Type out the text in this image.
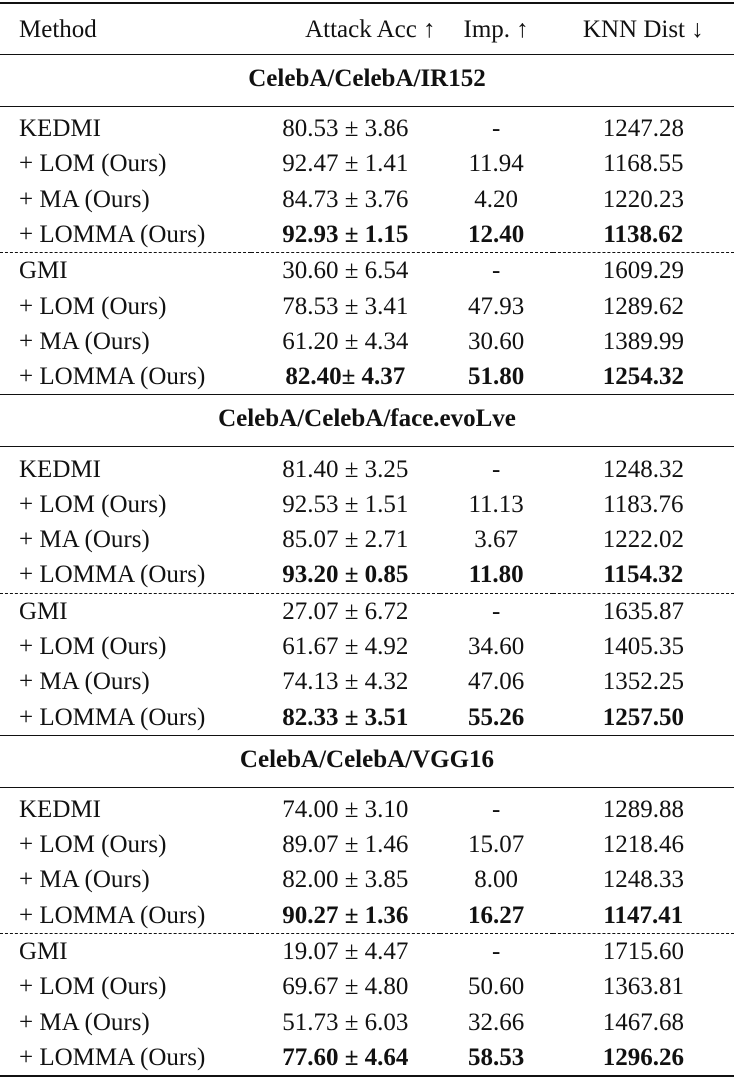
Method	Attack Acc ↑	Imp. ↑	KNN Dist ↓
CelebA/CelebA/IR152			
KEDMI	80.53 ± 3.86	-	1247.28
+ LOM (Ours)	92.47 ± 1.41	11.94	1168.55
+ MA (Ours)	84.73 ± 3.76	4.20	1220.23
+ LOMMA (Ours)	92.93 ± 1.15	12.40	1138.62
GMI	30.60 ± 6.54	-	1609.29
+ LOM (Ours)	78.53 ± 3.41	47.93	1289.62
+ MA (Ours)	61.20 ± 4.34	30.60	1389.99
+ LOMMA (Ours)	82.40± 4.37	51.80	1254.32
CelebA/CelebA/face.evoLve			
KEDMI	81.40 ± 3.25	-	1248.32
+ LOM (Ours)	92.53 ± 1.51	11.13	1183.76
+ MA (Ours)	85.07 ± 2.71	3.67	1222.02
+ LOMMA (Ours)	93.20 ± 0.85	11.80	1154.32
GMI	27.07 ± 6.72	-	1635.87
+ LOM (Ours)	61.67 ± 4.92	34.60	1405.35
+ MA (Ours)	74.13 ± 4.32	47.06	1352.25
+ LOMMA (Ours)	82.33 ± 3.51	55.26	1257.50
CelebA/CelebA/VGG16			
KEDMI	74.00 ± 3.10	-	1289.88
+ LOM (Ours)	89.07 ± 1.46	15.07	1218.46
+ MA (Ours)	82.00 ± 3.85	8.00	1248.33
+ LOMMA (Ours)	90.27 ± 1.36	16.27	1147.41
GMI	19.07 ± 4.47	-	1715.60
+ LOM (Ours)	69.67 ± 4.80	50.60	1363.81
+ MA (Ours)	51.73 ± 6.03	32.66	1467.68
+ LOMMA (Ours)	77.60 ± 4.64	58.53	1296.26
